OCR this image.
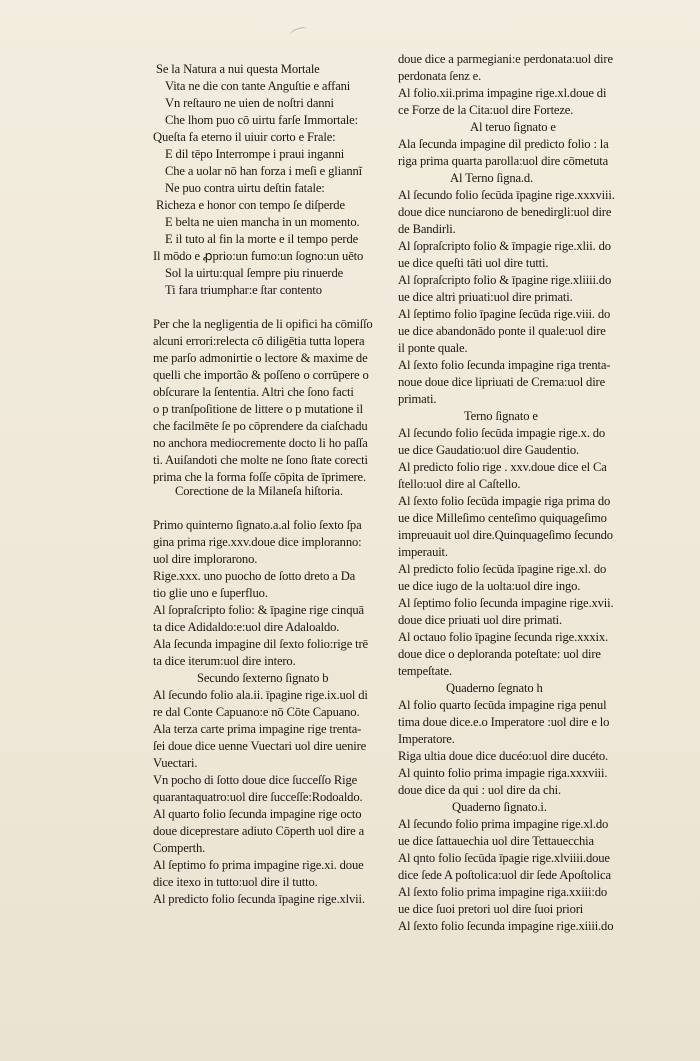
Se la Natura a nui questa Mortale
Vita ne die con tante Anguſtie e affani
Vn reſtauro ne uien de noſtri danni
Che lhom puo cō uirtu farſe Immortale:
Queſta fa eterno il uiuir corto e Frale:
E dil tēpo Interrompe i praui inganni
Che a uolar nō han forza i meſi e gliannĩ
Ne puo contra uirtu deſtin fatale:
Richeza e honor con tempo ſe diſperde
E belta ne uien mancha in un momento.
E il tuto al fin la morte e il tempo perde
Il mōdo e ꝓprio:un fumo:un ſogno:un uēto
Sol la uirtu:qual ſempre piu rinuerde
Ti fara triumphar:e ſtar contento
Per che la negligentia de li opifici ha cōmiſſo
alcuni errori:relecta cō diligētia tutta lopera
me parſo admonirtie o lectore & maxime de
quelli che importão & poſſeno o corrūpere o
obſcurare la ſententia. Altri che ſono facti
o p tranſpoſitione de littere o p mutatione il
che facilmēte ſe po cōprendere da ciaſchadu
no anchora mediocremente docto li ho paſſa
ti. Auiſandoti che molte ne ſono ſtate corecti
prima che la forma foſſe cōpita de īprimere.
Corectione de la Milaneſa hiſtoria.
Primo quinterno ſignato.a.al folio ſexto ſpa
gina prima rige.xxv.doue dice imploranno:
uol dire implorarono.
Rige.xxx. uno puocho de ſotto dreto a Da
tio glie uno e ſuperfluo.
Al ſopraſcripto folio: & īpagine rige cinquā
ta dice Adidaldo:e:uol dire Adaloaldo.
Ala ſecunda impagine dil ſexto folio:rige trē
ta dice iterum:uol dire intero.
Secundo ſexterno ſignato b
Al ſecundo folio ala.ii. īpagine rige.ix.uol di
re dal Conte Capuano:e nō Cōte Capuano.
Ala terza carte prima impagine rige trenta-
ſei doue dice uenne Vuectari uol dire uenire
Vuectari.
Vn pocho di ſotto doue dice ſucceſſo Rige
quarantaquatro:uol dire ſucceſſe:Rodoaldo.
Al quarto folio ſecunda impagine rige octo
doue diceprestare adiuto Cōperth uol dire a
Comperth.
Al ſeptimo fo prima impagine rige.xi. doue
dice itexo in tutto:uol dire il tutto.
Al predicto folio ſecunda īpagine rige.xlvii.
doue dice a parmegiani:e perdonata:uol dire
perdonata ſenz e.
Al folio.xii.prima impagine rige.xl.doue di
ce Forze de la Cita:uol dire Forteze.
Al teruo ſignato e
Ala ſecunda impagine dil predicto folio : la
riga prima quarta parolla:uol dire cōmetuta
Al Terno ſigna.d.
Al ſecundo folio ſecūda īpagine rige.xxxviii.
doue dice nunciarono de benedirgli:uol dire
de Bandirli.
Al ſopraſcripto folio & īmpagie rige.xlii. do
ue dice queſti tāti uol dire tutti.
Al ſopraſcripto folio & īpagine rige.xliiii.do
ue dice altri priuati:uol dire primati.
Al ſeptimo folio īpagine ſecūda rige.viii. do
ue dice abandonādo ponte il quale:uol dire
il ponte quale.
Al ſexto folio ſecunda impagine riga trenta-
noue doue dice lipriuati de Crema:uol dire
primati.
Terno ſignato e
Al ſecundo folio ſecūda impagie rige.x. do
ue dice Gaudatio:uol dire Gaudentio.
Al predicto folio rige . xxv.doue dice el Ca
ſtello:uol dire al Caſtello.
Al ſexto folio ſecūda impagie riga prima do
ue dice Milleſimo centeſimo quiquageſimo
impreuauit uol dire.Quinquageſimo ſecundo
imperauit.
Al predicto folio ſecūda īpagine rige.xl. do
ue dice iugo de la uolta:uol dire ingo.
Al ſeptimo folio ſecunda impagine rige.xvii.
doue dice priuati uol dire primati.
Al octauo folio īpagine ſecunda rige.xxxix.
doue dice o deploranda poteſtate: uol dire
tempeſtate.
Quaderno ſegnato h
Al folio quarto ſecūda impagine riga penul
tima doue dice.e.o Imperatore :uol dire e lo
Imperatore.
Riga ultia doue dice ducéo:uol dire ducéto.
Al quinto folio prima impagie riga.xxxviii.
doue dice da qui : uol dire da chi.
Quaderno ſignato.i.
Al ſecundo folio prima impagine rige.xl.do
ue dice ſattauechia uol dire Tettauecchia
Al qnto folio ſecūda īpagie rige.xlviiii.doue
dice ſede A poſtolica:uol dir ſede Apoſtolica
Al ſexto folio prima impagine riga.xxiii:do
ue dice ſuoi pretori uol dire ſuoi priori
Al ſexto folio ſecunda impagine rige.xiiii.do
